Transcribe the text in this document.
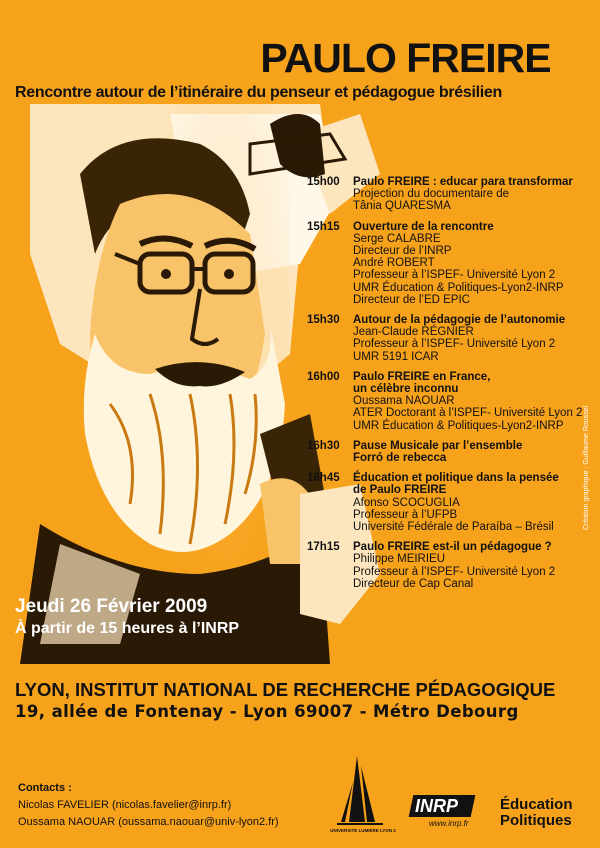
AUTOUR DE PAULO FREIRE
Rencontre autour de l’itinéraire du penseur et pédagogue brésilien
15h00	Paulo FREIRE : educar para transformar
Projection du documentaire de
Tânia QUARESMA
15h15	Ouverture de la rencontre
Serge CALABRE
Directeur de l’INRP
André ROBERT
Professeur à l’ISPEF- Université Lyon 2
UMR Éducation & Politiques-Lyon2-INRP
Directeur de l’ED EPIC
15h30	Autour de la pédagogie de l’autonomie
Jean-Claude RÉGNIER
Professeur à l’ISPEF- Université Lyon 2
UMR 5191 ICAR
16h00	Paulo FREIRE en France,
un célèbre inconnu
Oussama NAOUAR
ATER Doctorant à l’ISPEF- Université Lyon 2
UMR Éducation & Politiques-Lyon2-INRP
16h30	Pause Musicale par l’ensemble
Forró de rebecca
16h45	Éducation et politique dans la pensée
de Paulo FREIRE
Afonso SCOCUGLIA
Professeur à l’UFPB
Université Fédérale de Paraíba – Brésil
17h15	Paulo FREIRE est-il un pédagogue ?
Philippe MEIRIEU
Professeur à l’ISPEF- Université Lyon 2
Directeur de Cap Canal
Création graphique : Guillaume Roussel
Jeudi 26 Février 2009
À partir de 15 heures à l’INRP
LYON, INSTITUT NATIONAL DE RECHERCHE PÉDAGOGIQUE
19, allée de Fontenay - Lyon 69007 - Métro Debourg
Contacts :
Nicolas FAVELIER (nicolas.favelier@inrp.fr)
Oussama NAOUAR (oussama.naouar@univ-lyon2.fr)
UNIVERSITÉ LUMIÈRE LYON 2
INRP
www.inrp.fr
Éducation
Politiques
